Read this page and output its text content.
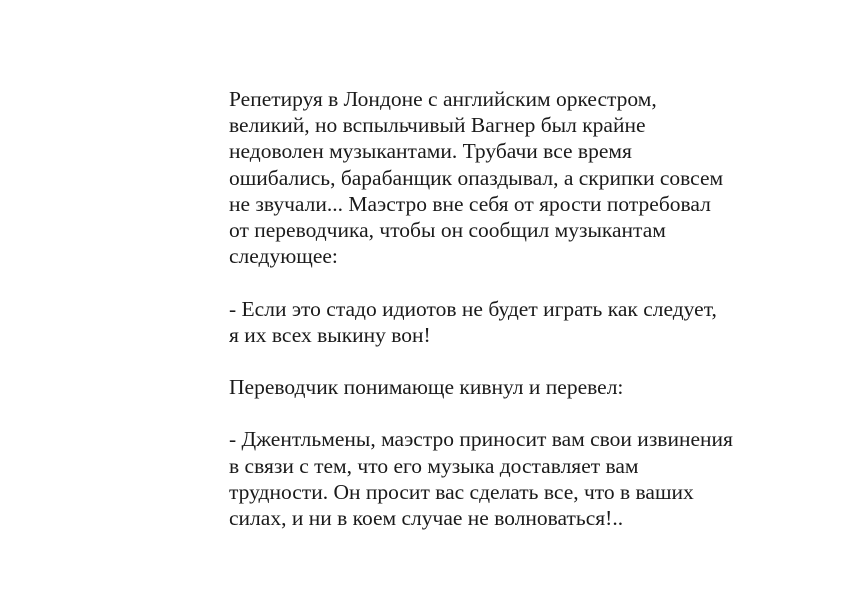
Репетируя в Лондоне с английским оркестром,
великий, но вспыльчивый Вагнер был крайне
недоволен музыкантами. Трубачи все время
ошибались, барабанщик опаздывал, а скрипки совсем
не звучали... Маэстро вне себя от ярости потребовал
от переводчика, чтобы он сообщил музыкантам
следующее:
- Если это стадо идиотов не будет играть как следует,
я их всех выкину вон!
Переводчик понимающе кивнул и перевел:
- Джентльмены, маэстро приносит вам свои извинения
в связи с тем, что его музыка доставляет вам
трудности. Он просит вас сделать все, что в ваших
силах, и ни в коем случае не волноваться!..
